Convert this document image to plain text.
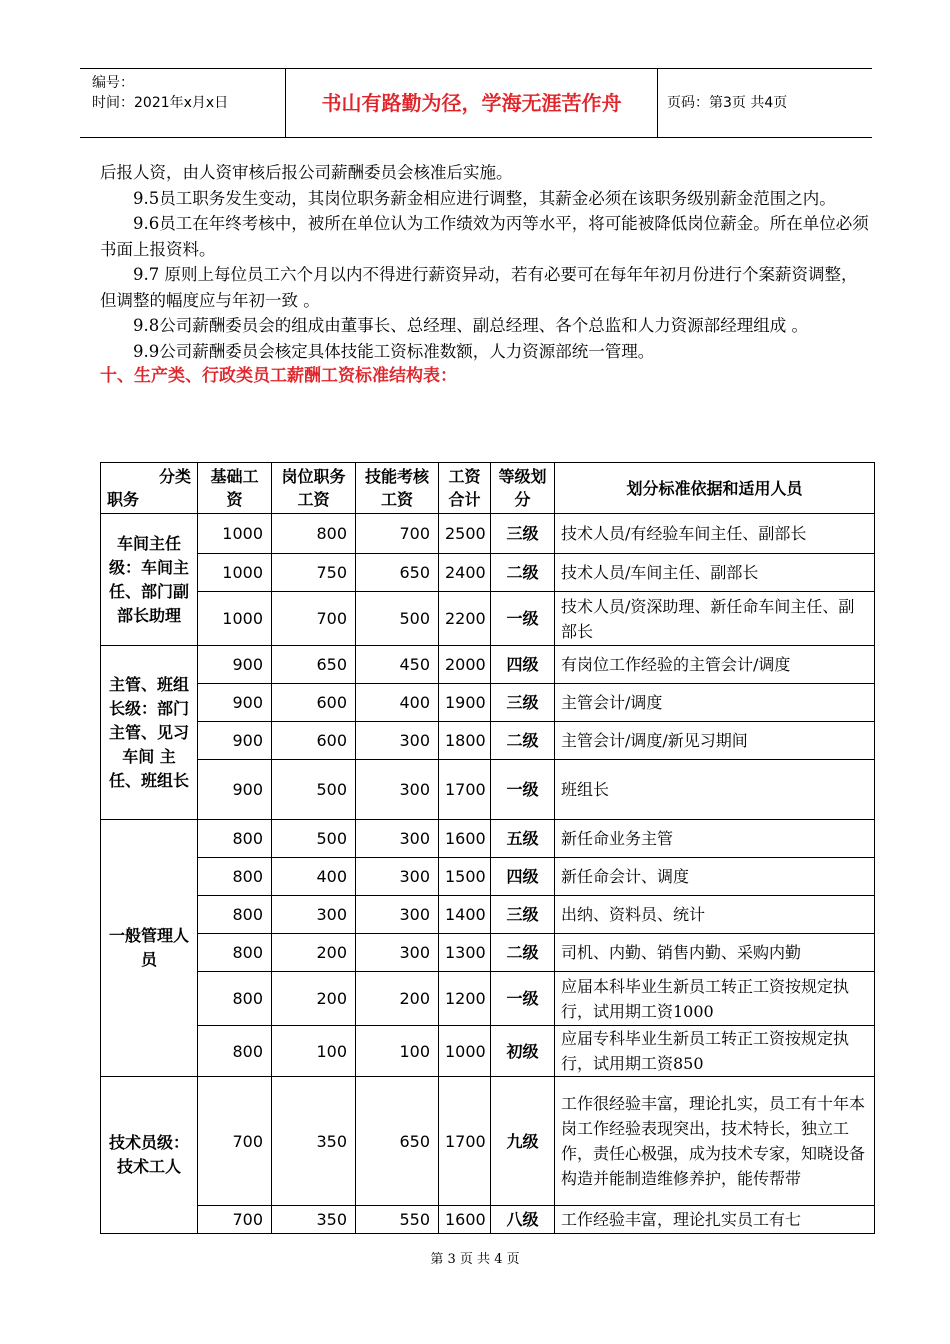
编号：
时间：2021年x月x日	书山有路勤为径，学海无涯苦作舟	页码：第3页 共4页

后报人资，由人资审核后报公司薪酬委员会核准后实施。

9.5员工职务发生变动，其岗位职务薪金相应进行调整，其薪金必须在该职务级别薪金范围之内。

9.6员工在年终考核中，被所在单位认为工作绩效为丙等水平，将可能被降低岗位薪金。所在单位必须书面上报资料。

9.7 原则上每位员工六个月以内不得进行薪资异动，若有必要可在每年年初月份进行个案薪资调整，但调整的幅度应与年初一致 。

9.8公司薪酬委员会的组成由董事长、总经理、副总经理、各个总监和人力资源部经理组成 。

9.9公司薪酬委员会核定具体技能工资标准数额，人力资源部统一管理。

十、生产类、行政类员工薪酬工资标准结构表：

分类
职务	基础工资	岗位职务工资	技能考核工资	工资合计	等级划分	划分标准依据和适用人员
车间主任级：车间主任、部门副部长助理	1000	800	700	2500	三级	技术人员/有经验车间主任、副部长
	1000	750	650	2400	二级	技术人员/车间主任、副部长
	1000	700	500	2200	一级	技术人员/资深助理、新任命车间主任、副部长
主管、班组长级：部门主管、见习车间 主任、班组长	900	650	450	2000	四级	有岗位工作经验的主管会计/调度
	900	600	400	1900	三级	主管会计/调度
	900	600	300	1800	二级	主管会计/调度/新见习期间
	900	500	300	1700	一级	班组长
一般管理人员	800	500	300	1600	五级	新任命业务主管
	800	400	300	1500	四级	新任命会计、调度
	800	300	300	1400	三级	出纳、资料员、统计
	800	200	300	1300	二级	司机、内勤、销售内勤、采购内勤
	800	200	200	1200	一级	应届本科毕业生新员工转正工资按规定执行，试用期工资1000
	800	100	100	1000	初级	应届专科毕业生新员工转正工资按规定执行，试用期工资850
技术员级：技术工人	700	350	650	1700	九级	工作很经验丰富，理论扎实，员工有十年本岗工作经验表现突出，技术特长，独立工作，责任心极强，成为技术专家，知晓设备构造并能制造维修养护，能传帮带
	700	350	550	1600	八级	工作经验丰富，理论扎实员工有七
第 3 页 共 4 页
